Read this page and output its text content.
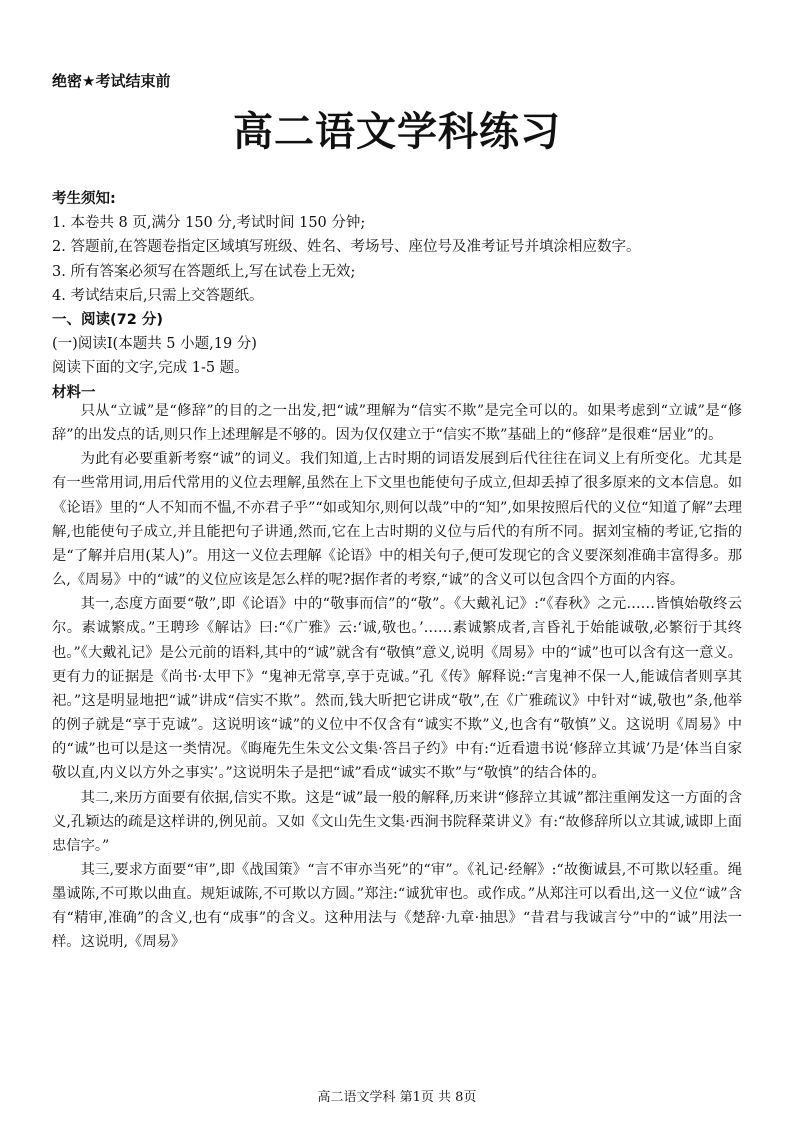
绝密★考试结束前
高二语文学科练习
考生须知:
1. 本卷共 8 页,满分 150 分,考试时间 150 分钟;
2. 答题前,在答题卷指定区域填写班级、姓名、考场号、座位号及准考证号并填涂相应数字。
3. 所有答案必须写在答题纸上,写在试卷上无效;
4. 考试结束后,只需上交答题纸。
一、阅读(72 分)
(一)阅读Ⅰ(本题共 5 小题,19 分)
阅读下面的文字,完成 1-5 题。
材料一

只从“立诚”是“修辞”的目的之一出发,把“诚”理解为“信实不欺”是完全可以的。如果考虑到“立诚”是“修辞”的出发点的话,则只作上述理解是不够的。因为仅仅建立于“信实不欺”基础上的“修辞”是很难“居业”的。

为此有必要重新考察“诚”的词义。我们知道,上古时期的词语发展到后代往往在词义上有所变化。尤其是有一些常用词,用后代常用的义位去理解,虽然在上下文里也能使句子成立,但却丢掉了很多原来的文本信息。如《论语》里的“人不知而不愠,不亦君子乎”“如或知尔,则何以哉”中的“知”,如果按照后代的义位“知道了解”去理解,也能使句子成立,并且能把句子讲通,然而,它在上古时期的义位与后代的有所不同。据刘宝楠的考证,它指的是“了解并启用(某人)”。用这一义位去理解《论语》中的相关句子,便可发现它的含义要深刻准确丰富得多。那么,《周易》中的“诚”的义位应该是怎么样的呢?据作者的考察,“诚”的含义可以包含四个方面的内容。

其一,态度方面要“敬”,即《论语》中的“敬事而信”的“敬”。《大戴礼记》:“《春秋》之元……皆慎始敬终云尔。素诚繁成。”王聘珍《解诂》曰:“《广雅》云:‘诚,敬也。’……素诚繁成者,言昏礼于始能诚敬,必繁衍于其终也。”《大戴礼记》是公元前的语料,其中的“诚”就含有“敬慎”意义,说明《周易》中的“诚”也可以含有这一意义。更有力的证据是《尚书·太甲下》“鬼神无常享,享于克诚。”孔《传》解释说:“言鬼神不保一人,能诚信者则享其祀。”这是明显地把“诚”讲成“信实不欺”。然而,钱大昕把它讲成“敬”,在《广雅疏议》中针对“诚,敬也”条,他举的例子就是“享于克诚”。这说明该“诚”的义位中不仅含有“诚实不欺”义,也含有“敬慎”义。这说明《周易》中的“诚”也可以是这一类情况。《晦庵先生朱文公文集·答吕子约》中有:“近看遗书说‘修辞立其诚’乃是‘体当自家敬以直,内义以方外之事实’。”这说明朱子是把“诚”看成“诚实不欺”与“敬慎”的结合体的。

其二,来历方面要有依据,信实不欺。这是“诚”最一般的解释,历来讲“修辞立其诚”都注重阐发这一方面的含义,孔颖达的疏是这样讲的,例见前。又如《文山先生文集·西涧书院释菜讲义》有:“故修辞所以立其诚,诚即上面忠信字。”

其三,要求方面要“审”,即《战国策》“言不审亦当死”的“审”。《礼记·经解》:“故衡诚县,不可欺以轻重。绳墨诚陈,不可欺以曲直。规矩诚陈,不可欺以方圆。”郑注:“诚犹审也。或作成。”从郑注可以看出,这一义位“诚”含有“精审,准确”的含义,也有“成事”的含义。这种用法与《楚辞·九章·抽思》“昔君与我诚言兮”中的“诚”用法一样。这说明,《周易》

高二语文学科 第1页 共 8页
